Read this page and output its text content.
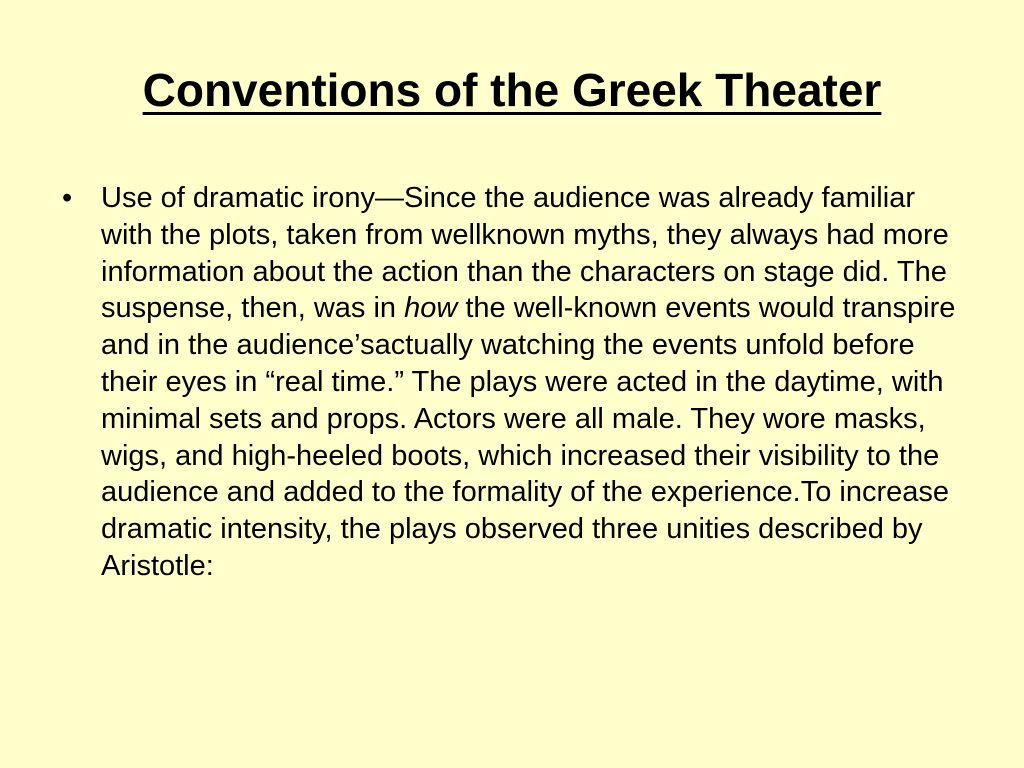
Conventions of the Greek Theater
• Use of dramatic irony—Since the audience was already familiar with the plots, taken from wellknown myths, they always had more information about the action than the characters on stage did. The suspense, then, was in how the well-known events would transpire and in the audience’sactually watching the events unfold before their eyes in “real time.” The plays were acted in the daytime, with minimal sets and props. Actors were all male. They wore masks, wigs, and high-heeled boots, which increased their visibility to the audience and added to the formality of the experience.To increase dramatic intensity, the plays observed three unities described by Aristotle:
